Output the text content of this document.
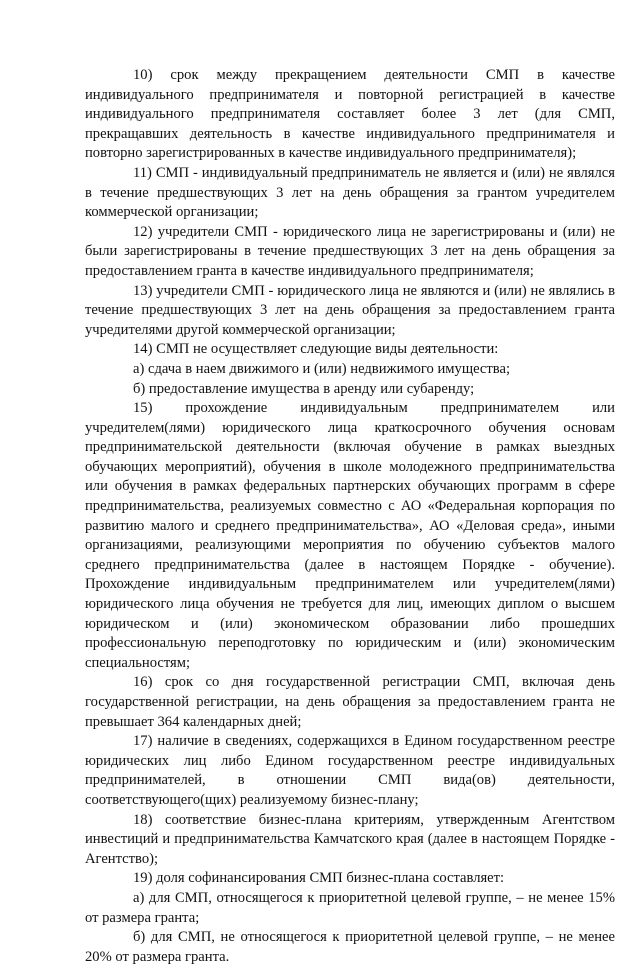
10) срок между прекращением деятельности СМП в качестве индивидуального предпринимателя и повторной регистрацией в качестве индивидуального предпринимателя составляет более 3 лет (для СМП, прекращавших деятельность в качестве индивидуального предпринимателя и повторно зарегистрированных в качестве индивидуального предпринимателя);

11) СМП - индивидуальный предприниматель не является и (или) не являлся в течение предшествующих 3 лет на день обращения за грантом учредителем коммерческой организации;

12) учредители СМП - юридического лица не зарегистрированы и (или) не были зарегистрированы в течение предшествующих 3 лет на день обращения за предоставлением гранта в качестве индивидуального предпринимателя;

13) учредители СМП - юридического лица не являются и (или) не являлись в течение предшествующих 3 лет на день обращения за предоставлением гранта учредителями другой коммерческой организации;

14) СМП не осуществляет следующие виды деятельности:

а) сдача в наем движимого и (или) недвижимого имущества;

б) предоставление имущества в аренду или субаренду;

15) прохождение индивидуальным предпринимателем или учредителем(лями) юридического лица краткосрочного обучения основам предпринимательской деятельности (включая обучение в рамках выездных обучающих мероприятий), обучения в школе молодежного предпринимательства или обучения в рамках федеральных партнерских обучающих программ в сфере предпринимательства, реализуемых совместно с АО «Федеральная корпорация по развитию малого и среднего предпринимательства», АО «Деловая среда», иными организациями, реализующими мероприятия по обучению субъектов малого среднего предпринимательства (далее в настоящем Порядке - обучение). Прохождение индивидуальным предпринимателем или учредителем(лями) юридического лица обучения не требуется для лиц, имеющих диплом о высшем юридическом и (или) экономическом образовании либо прошедших профессиональную переподготовку по юридическим и (или) экономическим специальностям;

16) срок со дня государственной регистрации СМП, включая день государственной регистрации, на день обращения за предоставлением гранта не превышает 364 календарных дней;

17) наличие в сведениях, содержащихся в Едином государственном реестре юридических лиц либо Едином государственном реестре индивидуальных предпринимателей, в отношении СМП вида(ов) деятельности, соответствующего(щих) реализуемому бизнес-плану;

18) соответствие бизнес-плана критериям, утвержденным Агентством инвестиций и предпринимательства Камчатского края (далее в настоящем Порядке - Агентство);

19) доля софинансирования СМП бизнес-плана составляет:

а) для СМП, относящегося к приоритетной целевой группе, – не менее 15% от размера гранта;

б) для СМП, не относящегося к приоритетной целевой группе, – не менее 20% от размера гранта.
